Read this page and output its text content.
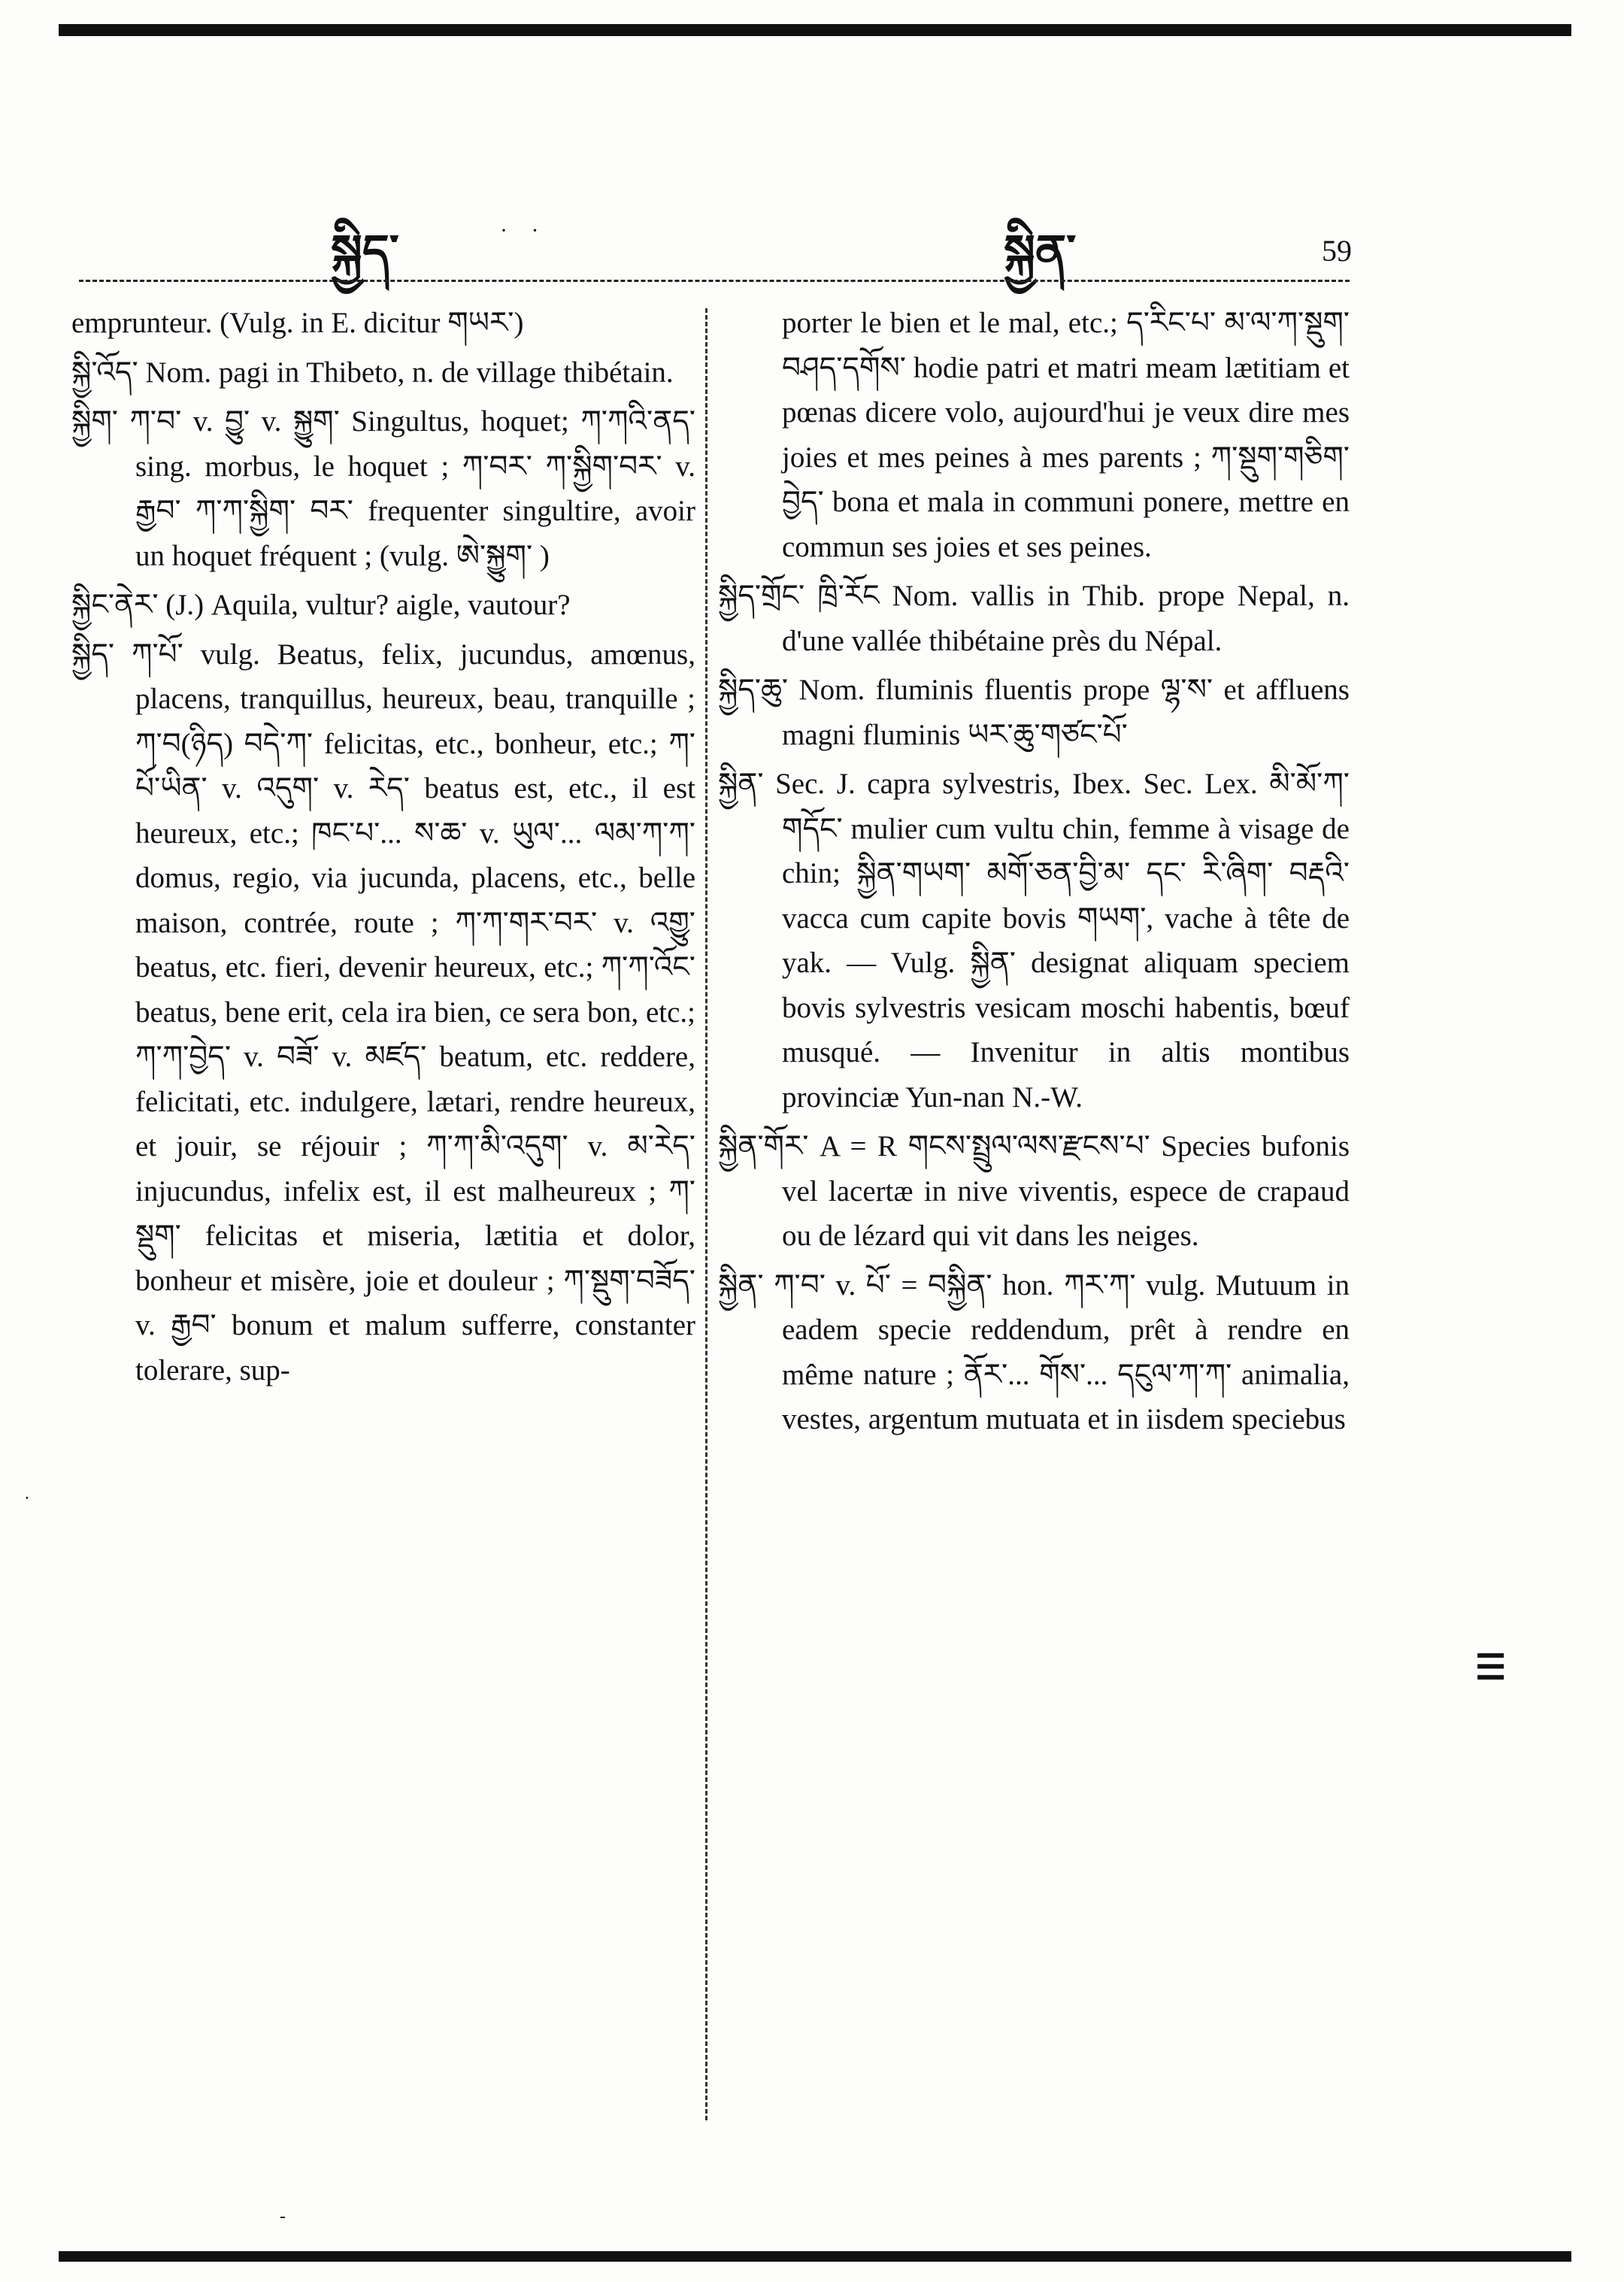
སྐྱིད་	སྐྱིན་	59
· ·

emprunteur. (Vulg. in E. dicitur གཡར་)

སྐྱི་འོད་ Nom. pagi in Thibeto, n. de village thibétain.

སྐྱིག་ ཀ་བ་ v. བྱུ་ v. སྐྱུག་ Singultus, hoquet; ཀ་ཀའི་ནད་ sing. morbus, le hoquet ; ཀ་བར་ ཀ་སྐྱིག་བར་ v. རྒྱབ་ ཀ་ཀ་སྐྱིག་ བར་ frequenter singultire, avoir un hoquet fréquent ; (vulg. ཨེ་སྐྱུག་ )

སྐྱིང་ནེར་ (J.) Aquila, vultur? aigle, vautour?

སྐྱིད་ ཀ་པོ་ vulg. Beatus, felix, jucundus, amœnus, placens, tranquillus, heureux, beau, tranquille ; ཀ་བ(ཉིད) བདེ་ཀ་ felicitas, etc., bonheur, etc.; ཀ་པོ་ཡིན་ v. འདུག་ v. རེད་ beatus est, etc., il est heureux, etc.; ཁང་པ་... ས་ཆ་ v. ཡུལ་... ལམ་ཀ་ཀ་ domus, regio, via jucunda, placens, etc., belle maison, contrée, route ; ཀ་ཀ་གར་བར་ v. འགྱུ་ beatus, etc. fieri, devenir heureux, etc.; ཀ་ཀ་འོང་ beatus, bene erit, cela ira bien, ce sera bon, etc.; ཀ་ཀ་བྱེད་ v. བཟོ་ v. མཛད་ beatum, etc. reddere, felicitati, etc. indulgere, lætari, rendre heureux, et jouir, se réjouir ; ཀ་ཀ་མི་འདུག་ v. མ་རེད་ injucundus, infelix est, il est malheureux ; ཀ་སྡུག་ felicitas et miseria, lætitia et dolor, bonheur et misère, joie et douleur ; ཀ་སྡུག་བཟོད་ v. རྒྱབ་ bonum et malum sufferre, constanter tolerare, sup-

porter le bien et le mal, etc.; ད་རིང་པ་ མ་ལ་ཀ་སྡུག་བཤད་དགོས་ hodie patri et matri meam lætitiam et pœnas dicere volo, aujourd'hui je veux dire mes joies et mes peines à mes parents ; ཀ་སྡུག་གཅིག་བྱེད་ bona et mala in communi ponere, mettre en commun ses joies et ses peines.

སྐྱིད་གྲོང་ ཁྲི་རོང Nom. vallis in Thib. prope Nepal, n. d'une vallée thibétaine près du Népal.

སྐྱིད་ཆུ་ Nom. fluminis fluentis prope ལྷ་ས་ et affluens magni fluminis ཡར་ཆུ་གཙང་པོ་

སྐྱིན་ Sec. J. capra sylvestris, Ibex. Sec. Lex. མི་མོ་ཀ་གདོང་ mulier cum vultu chin, femme à visage de chin; སྐྱིན་གཡག་ མགོ་ཅན་བྱི་མ་ དང་ རི་ཞིག་ བརྡའི་ vacca cum capite bovis གཡག་, vache à tête de yak. — Vulg. སྐྱིན་ designat aliquam speciem bovis sylvestris vesicam moschi habentis, bœuf musqué. — Invenitur in altis montibus provinciæ Yun-nan N.-W.

སྐྱིན་གོར་ A = R གངས་སྤྲུལ་ལས་རྫངས་པ་ Species bufonis vel lacertæ in nive viventis, espece de crapaud ou de lézard qui vit dans les neiges.

སྐྱིན་ ཀ་བ་ v. པོ་ = བསྐྱིན་ hon. ཀར་ཀ་ vulg. Mutuum in eadem specie reddendum, prêt à rendre en même nature ; ནོར་... གོས་... དངུལ་ཀ་ཀ་ animalia, vestes, argentum mutuata et in iisdem speciebus

☰
·
-
